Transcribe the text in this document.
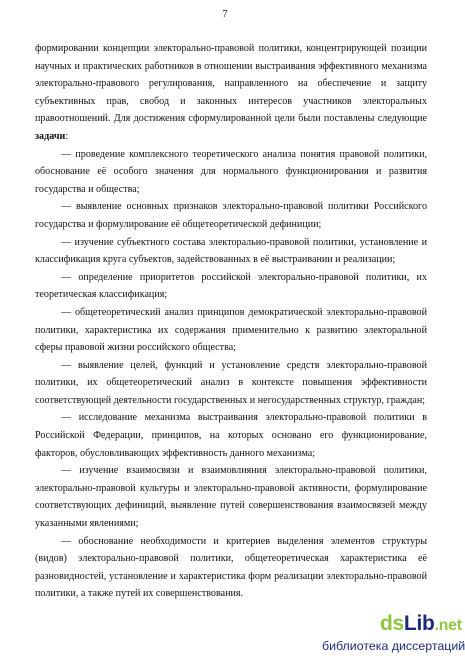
7

формировании концепции электорально-правовой политики, концентрирующей позиции научных и практических работников в отношении выстраивания эффективного механизма электорально-правового регулирования, направленного на обеспечение и защиту субъективных прав, свобод и законных интересов участников электоральных правоотношений. Для достижения сформулированной цели были поставлены следующие задачи:

— проведение комплексного теоретического анализа понятия правовой политики, обоснование её особого значения для нормального функционирования и развития государства и общества;

— выявление основных признаков электорально-правовой политики Российского государства и формулирование её общетеоретической дефиниции;

— изучение субъектного состава электорально-правовой политики, установление и классификация круга субъектов, задействованных в её выстраивании и реализации;

— определение приоритетов российской электорально-правовой политики, их теоретическая классификация;

— общетеоретический анализ принципов демократической электорально-правовой политики, характеристика их содержания применительно к развитию электоральной сферы правовой жизни российского общества;

— выявление целей, функций и установление средств электорально-правовой политики, их общетеоретический анализ в контексте повышения эффективности соответствующей деятельности государственных и негосударственных структур, граждан;

— исследование механизма выстраивания электорально-правовой политики в Российской Федерации, принципов, на которых основано его функционирование, факторов, обусловливающих эффективность данного механизма;

— изучение взаимосвязи и взаимовлияния электорально-правовой политики, электорально-правовой культуры и электорально-правовой активности, формулирование соответствующих дефиниций, выявление путей совершенствования взаимосвязей между указанными явлениями;

— обоснование необходимости и критериев выделения элементов структуры (видов) электорально-правовой политики, общетеоретическая характеристика её разновидностей, установление и характеристика форм реализации электорально-правовой политики, а также путей их совершенствования.

dsLib.net
библиотека диссертаций
